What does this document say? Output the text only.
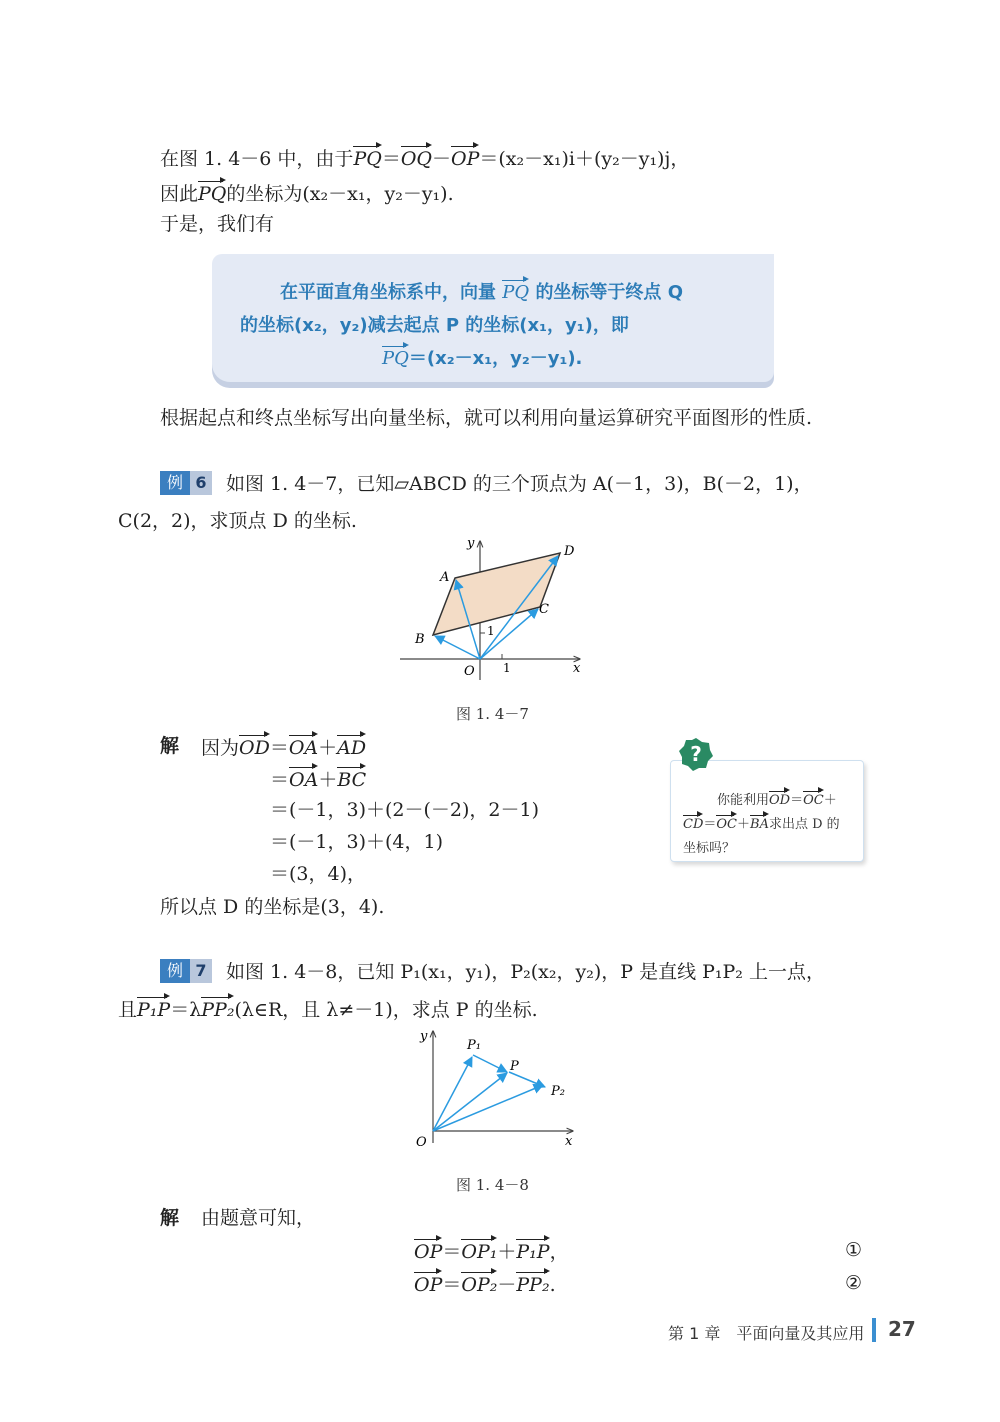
在图 1. 4－6 中，由于PQ＝OQ－OP＝(x₂－x₁)i＋(y₂－y₁)j，
因此PQ的坐标为(x₂－x₁，y₂－y₁).
于是，我们有
在平面直角坐标系中，向量 PQ 的坐标等于终点 Q
的坐标(x₂，y₂)减去起点 P 的坐标(x₁，y₁)，即
PQ＝(x₂－x₁，y₂－y₁).
根据起点和终点坐标写出向量坐标，就可以利用向量运算研究平面图形的性质.
例 6 如图 1. 4－7，已知▱ABCD 的三个顶点为 A(－1，3)，B(－2，1)，
C(2，2)，求顶点 D 的坐标.
y
x
O
A
B
C
D
1
1
图 1. 4－7
解 因为OD＝OA＋AD
＝OA＋BC
＝(－1，3)＋(2－(－2)，2－1)
＝(－1，3)＋(4，1)
＝(3，4)，
所以点 D 的坐标是(3，4).
你能利用OD＝OC＋
CD＝OC＋BA求出点 D 的
坐标吗？
?
例 7 如图 1. 4－8，已知 P₁(x₁，y₁)，P₂(x₂，y₂)，P 是直线 P₁P₂ 上一点，
且P₁P＝λPP₂(λ∈R，且 λ≠－1)，求点 P 的坐标.
y
x
O
P₁
P
P₂
图 1. 4－8
解 由题意可知，
OP＝OP₁＋P₁P，	①
OP＝OP₂－PP₂.	②
第 1 章　平面向量及其应用 27
